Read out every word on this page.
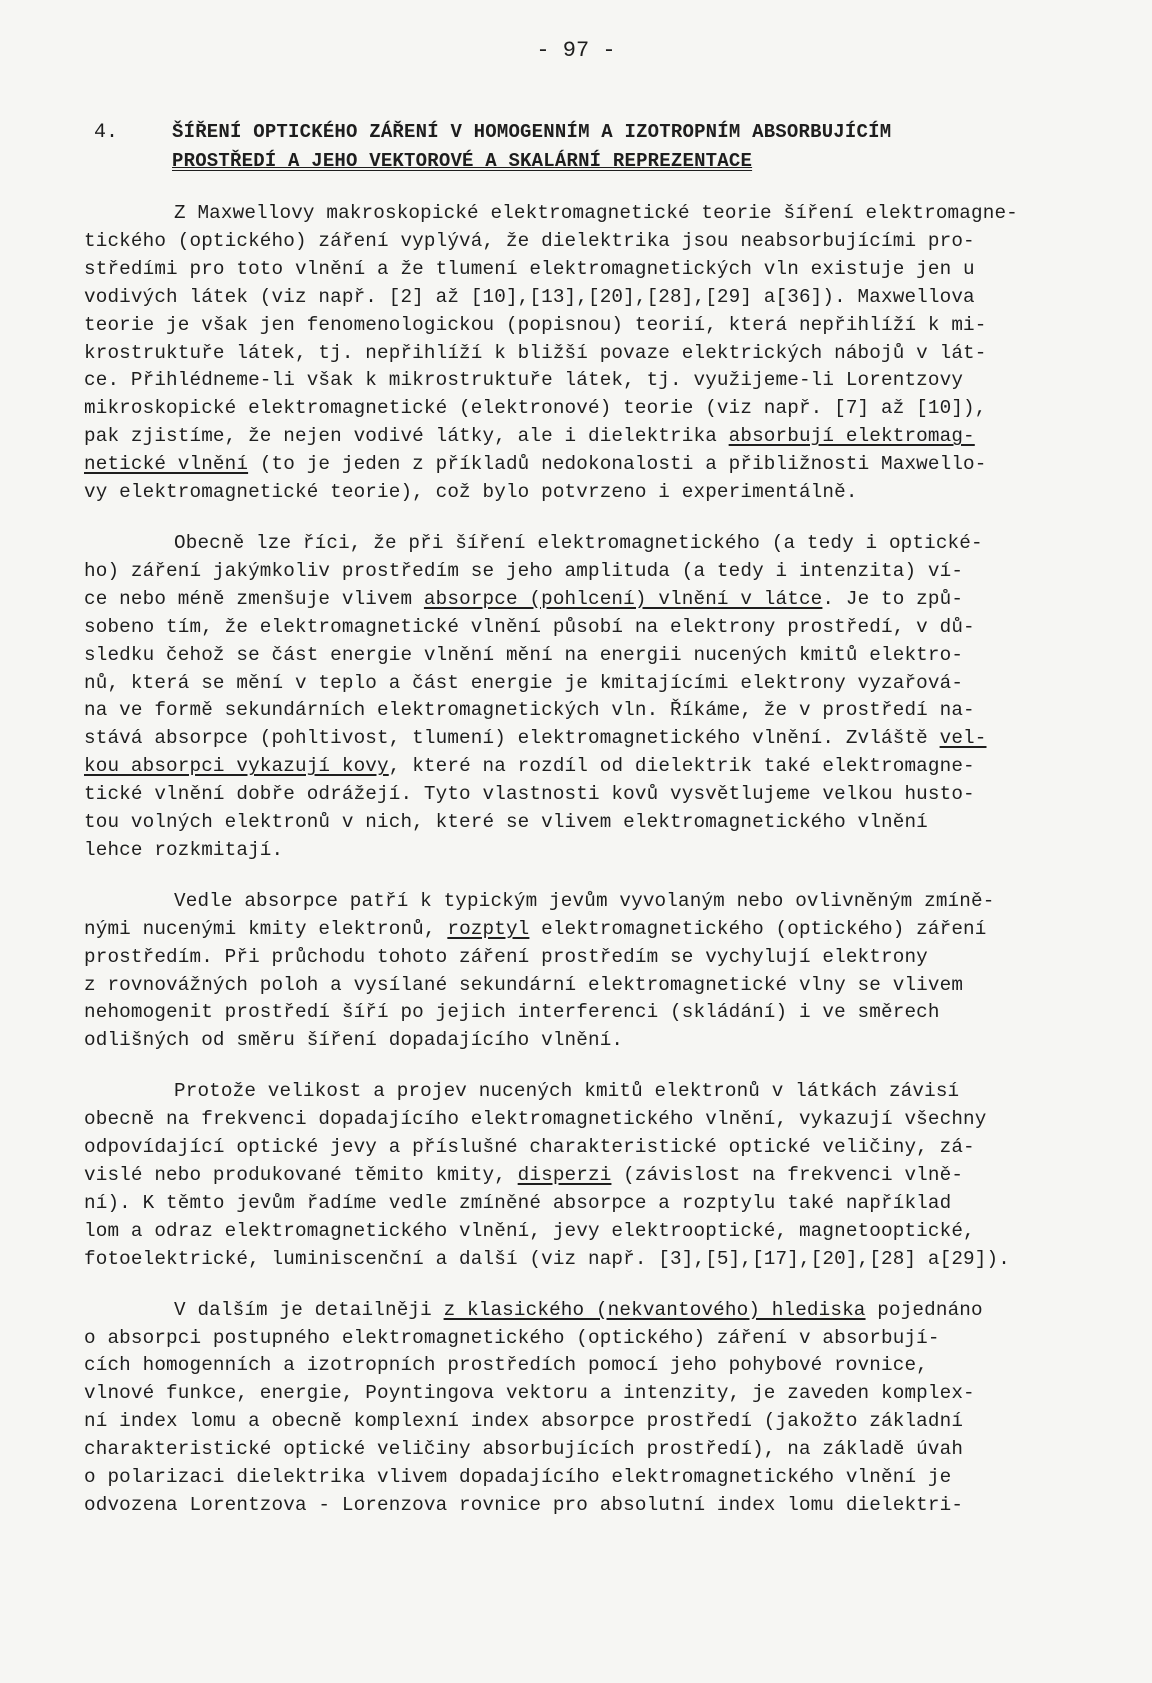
- 97 -
4.	ŠÍŘENÍ OPTICKÉHO ZÁŘENÍ V HOMOGENNÍM A IZOTROPNÍM ABSORBUJÍCÍM
PROSTŘEDÍ A JEHO VEKTOROVÉ A SKALÁRNÍ REPREZENTACE
Z Maxwellovy makroskopické elektromagnetické teorie šíření elektromagne-
tického (optického) záření vyplývá, že dielektrika jsou neabsorbujícími pro-
středími pro toto vlnění a že tlumení elektromagnetických vln existuje jen u
vodivých látek (viz např. [2] až [10],[13],[20],[28],[29] a[36]). Maxwellova
teorie je však jen fenomenologickou (popisnou) teorií, která nepřihlíží k mi-
krostruktuře látek, tj. nepřihlíží k bližší povaze elektrických nábojů v lát-
ce. Přihlédneme-li však k mikrostruktuře látek, tj. využijeme-li Lorentzovy
mikroskopické elektromagnetické (elektronové) teorie (viz např. [7] až [10]),
pak zjistíme, že nejen vodivé látky, ale i dielektrika absorbují elektromag-
netické vlnění (to je jeden z příkladů nedokonalosti a přibližnosti Maxwello-
vy elektromagnetické teorie), což bylo potvrzeno i experimentálně.
Obecně lze říci, že při šíření elektromagnetického (a tedy i optické-
ho) záření jakýmkoliv prostředím se jeho amplituda (a tedy i intenzita) ví-
ce nebo méně zmenšuje vlivem absorpce (pohlcení) vlnění v látce. Je to způ-
sobeno tím, že elektromagnetické vlnění působí na elektrony prostředí, v dů-
sledku čehož se část energie vlnění mění na energii nucených kmitů elektro-
nů, která se mění v teplo a část energie je kmitajícími elektrony vyzařová-
na ve formě sekundárních elektromagnetických vln. Říkáme, že v prostředí na-
stává absorpce (pohltivost, tlumení) elektromagnetického vlnění. Zvláště vel-
kou absorpci vykazují kovy, které na rozdíl od dielektrik také elektromagne-
tické vlnění dobře odrážejí. Tyto vlastnosti kovů vysvětlujeme velkou husto-
tou volných elektronů v nich, které se vlivem elektromagnetického vlnění
lehce rozkmitají.
Vedle absorpce patří k typickým jevům vyvolaným nebo ovlivněným zmíně-
nými nucenými kmity elektronů, rozptyl elektromagnetického (optického) záření
prostředím. Při průchodu tohoto záření prostředím se vychylují elektrony
z rovnovážných poloh a vysílané sekundární elektromagnetické vlny se vlivem
nehomogenit prostředí šíří po jejich interferenci (skládání) i ve směrech
odlišných od směru šíření dopadajícího vlnění.
Protože velikost a projev nucených kmitů elektronů v látkách závisí
obecně na frekvenci dopadajícího elektromagnetického vlnění, vykazují všechny
odpovídající optické jevy a příslušné charakteristické optické veličiny, zá-
vislé nebo produkované těmito kmity, disperzi (závislost na frekvenci vlně-
ní). K těmto jevům řadíme vedle zmíněné absorpce a rozptylu také například
lom a odraz elektromagnetického vlnění, jevy elektrooptické, magnetooptické,
fotoelektrické, luminiscenční a další (viz např. [3],[5],[17],[20],[28] a[29]).
V dalším je detailněji z klasického (nekvantového) hlediska pojednáno
o absorpci postupného elektromagnetického (optického) záření v absorbují-
cích homogenních a izotropních prostředích pomocí jeho pohybové rovnice,
vlnové funkce, energie, Poyntingova vektoru a intenzity, je zaveden komplex-
ní index lomu a obecně komplexní index absorpce prostředí (jakožto základní
charakteristické optické veličiny absorbujících prostředí), na základě úvah
o polarizaci dielektrika vlivem dopadajícího elektromagnetického vlnění je
odvozena Lorentzova - Lorenzova rovnice pro absolutní index lomu dielektri-
